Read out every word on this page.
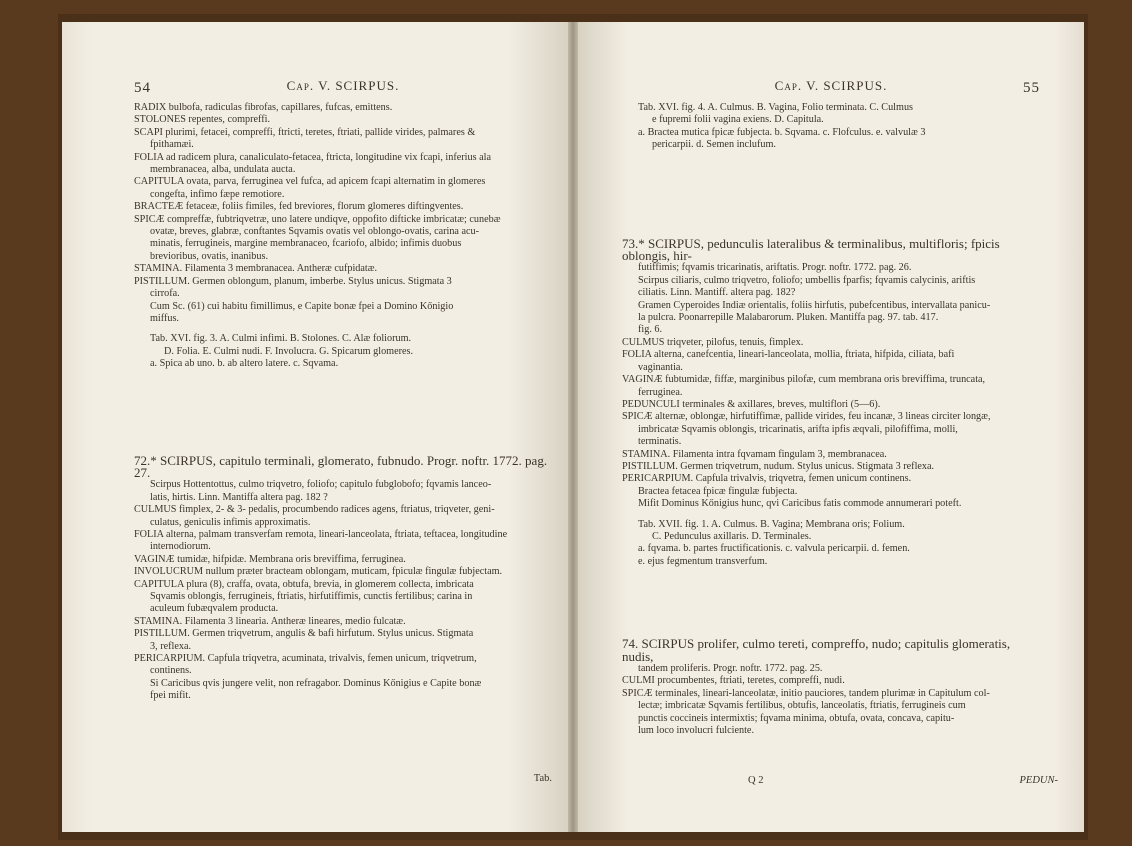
54	Cap. V. SCIRPUS.

RADIX bulbofa, radiculas fibrofas, capillares, fufcas, emittens.

STOLONES repentes, compreffi.

SCAPI plurimi, fetacei, compreffi, ftricti, teretes, ftriati, pallide virides, palmares &

fpithamæi.

FOLIA ad radicem plura, canaliculato-fetacea, ftricta, longitudine vix fcapi, inferius ala

membranacea, alba, undulata aucta.

CAPITULA ovata, parva, ferruginea vel fufca, ad apicem fcapi alternatim in glomeres

congefta, infimo fæpe remotiore.

BRACTEÆ fetaceæ, foliis fimiles, fed breviores, florum glomeres diftingventes.

SPICÆ compreffæ, fubtriqvetræ, uno latere undiqve, oppofito difticke imbricatæ; cunebæ

ovatæ, breves, glabræ, conftantes Sqvamis ovatis vel oblongo-ovatis, carina acu-

minatis, ferrugineis, margine membranaceo, fcariofo, albido; infimis duobus

brevioribus, ovatis, inanibus.

STAMINA. Filamenta 3 membranacea. Antheræ cufpidatæ.

PISTILLUM. Germen oblongum, planum, imberbe. Stylus unicus. Stigmata 3

cirrofa.

Cum Sc. (61) cui habitu fimillimus, e Capite bonæ fpei a Domino Kőnigio

miffus.

Tab. XVI. fig. 3. A. Culmi infimi. B. Stolones. C. Alæ foliorum.

D. Folia. E. Culmi nudi. F. Involucra. G. Spicarum glomeres.

a. Spica ab uno. b. ab altero latere. c. Sqvama.

72.* SCIRPUS, capitulo terminali, glomerato, fubnudo. Progr. noftr. 1772. pag. 27.

Scirpus Hottentottus, culmo triqvetro, foliofo; capitulo fubglobofo; fqvamis lanceo-

latis, hirtis. Linn. Mantiffa altera pag. 182 ?

CULMUS fimplex, 2- & 3- pedalis, procumbendo radices agens, ftriatus, triqveter, geni-

culatus, geniculis infimis approximatis.

FOLIA alterna, palmam transverfam remota, lineari-lanceolata, ftriata, teftacea, longitudine

internodiorum.

VAGINÆ tumidæ, hifpidæ. Membrana oris breviffima, ferruginea.

INVOLUCRUM nullum præter bracteam oblongam, muticam, fpiculæ fingulæ fubjectam.

CAPITULA plura (8), craffa, ovata, obtufa, brevia, in glomerem collecta, imbricata

Sqvamis oblongis, ferrugineis, ftriatis, hirfutiffimis, cunctis fertilibus; carina in

aculeum fubæqvalem producta.

STAMINA. Filamenta 3 linearia. Antheræ lineares, medio fulcatæ.

PISTILLUM. Germen triqvetrum, angulis & bafi hirfutum. Stylus unicus. Stigmata

3, reflexa.

PERICARPIUM. Capfula triqvetra, acuminata, trivalvis, femen unicum, triqvetrum,

continens.

Si Caricibus qvis jungere velit, non refragabor. Dominus Kőnigius e Capite bonæ

fpei mifit.

Tab.
Cap. V. SCIRPUS.	55

Tab. XVI. fig. 4. A. Culmus. B. Vagina, Folio terminata. C. Culmus

e fupremi folii vagina exiens. D. Capitula.

a. Bractea mutica fpicæ fubjecta. b. Sqvama. c. Flofculus. e. valvulæ 3

pericarpii. d. Semen inclufum.

73.* SCIRPUS, pedunculis lateralibus & terminalibus, multifloris; fpicis oblongis, hir-

futiffimis; fqvamis tricarinatis, ariftatis. Progr. noftr. 1772. pag. 26.

Scirpus ciliaris, culmo triqvetro, foliofo; umbellis fparfis; fqvamis calycinis, ariftis

ciliatis. Linn. Mantiff. altera pag. 182?

Gramen Cyperoides Indiæ orientalis, foliis hirfutis, pubefcentibus, intervallata panicu-

la pulcra. Poonarrepille Malabarorum. Pluken. Mantiffa pag. 97. tab. 417.

fig. 6.

CULMUS triqveter, pilofus, tenuis, fimplex.

FOLIA alterna, canefcentia, lineari-lanceolata, mollia, ftriata, hifpida, ciliata, bafi

vaginantia.

VAGINÆ fubtumidæ, fiffæ, marginibus pilofæ, cum membrana oris breviffima, truncata,

ferruginea.

PEDUNCULI terminales & axillares, breves, multiflori (5—6).

SPICÆ alternæ, oblongæ, hirfutiffimæ, pallide virides, feu incanæ, 3 lineas circiter longæ,

imbricatæ Sqvamis oblongis, tricarinatis, arifta ipfis æqvali, pilofiffima, molli,

terminatis.

STAMINA. Filamenta intra fqvamam fingulam 3, membranacea.

PISTILLUM. Germen triqvetrum, nudum. Stylus unicus. Stigmata 3 reflexa.

PERICARPIUM. Capfula trivalvis, triqvetra, femen unicum continens.

Bractea fetacea fpicæ fingulæ fubjecta.

Mifit Dominus Kőnigius hunc, qvi Caricibus fatis commode annumerari poteft.

Tab. XVII. fig. 1. A. Culmus. B. Vagina; Membrana oris; Folium.

C. Pedunculus axillaris. D. Terminales.

a. fqvama. b. partes fructificationis. c. valvula pericarpii. d. femen.

e. ejus fegmentum transverfum.

74. SCIRPUS prolifer, culmo tereti, compreffo, nudo; capitulis glomeratis, nudis,

tandem proliferis. Progr. noftr. 1772. pag. 25.

CULMI procumbentes, ftriati, teretes, compreffi, nudi.

SPICÆ terminales, lineari-lanceolatæ, initio pauciores, tandem plurimæ in Capitulum col-

lectæ; imbricatæ Sqvamis fertilibus, obtufis, lanceolatis, ftriatis, ferrugineis cum

punctis coccineis intermixtis; fqvama minima, obtufa, ovata, concava, capitu-

lum loco involucri fulciente.

Q 2	PEDUN-
